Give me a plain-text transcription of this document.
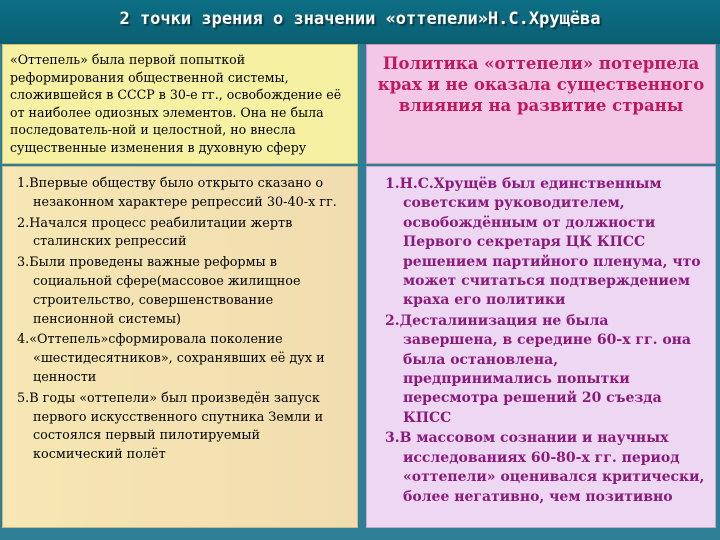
2 точки зрения о значении «оттепели»Н.С.Хрущёва

«Оттепель» была первой попыткой реформирования общественной системы, сложившейся в СССР в 30-е гг., освобождение её от наиболее одиозных элементов. Она не была последователь-ной и целостной, но внесла существенные изменения в духовную сферу

1.Впервые обществу было открыто сказано о незаконном характере репрессий 30-40-х гг.
2.Начался процесс реабилитации жертв сталинских репрессий
3.Были проведены важные реформы в социальной сфере(массовое жилищное строительство, совершенствование пенсионной системы)
4.«Оттепель»сформировала поколение «шестидесятников», сохранявших её дух и ценности
5.В годы «оттепели» был произведён запуск первого искусственного спутника Земли и состоялся первый пилотируемый космический полёт

Политика «оттепели» потерпела крах и не оказала существенного влияния на развитие страны

1.Н.С.Хрущёв был единственным советским руководителем, освобождённым от должности Первого секретаря ЦК КПСС решением партийного пленума, что может считаться подтверждением краха его политики
2.Десталинизация не была завершена, в середине 60-х гг. она была остановлена, предпринимались попытки пересмотра решений 20 съезда КПСС
3.В массовом сознании и научных исследованиях 60-80-х гг. период «оттепели» оценивался критически, более негативно, чем позитивно
